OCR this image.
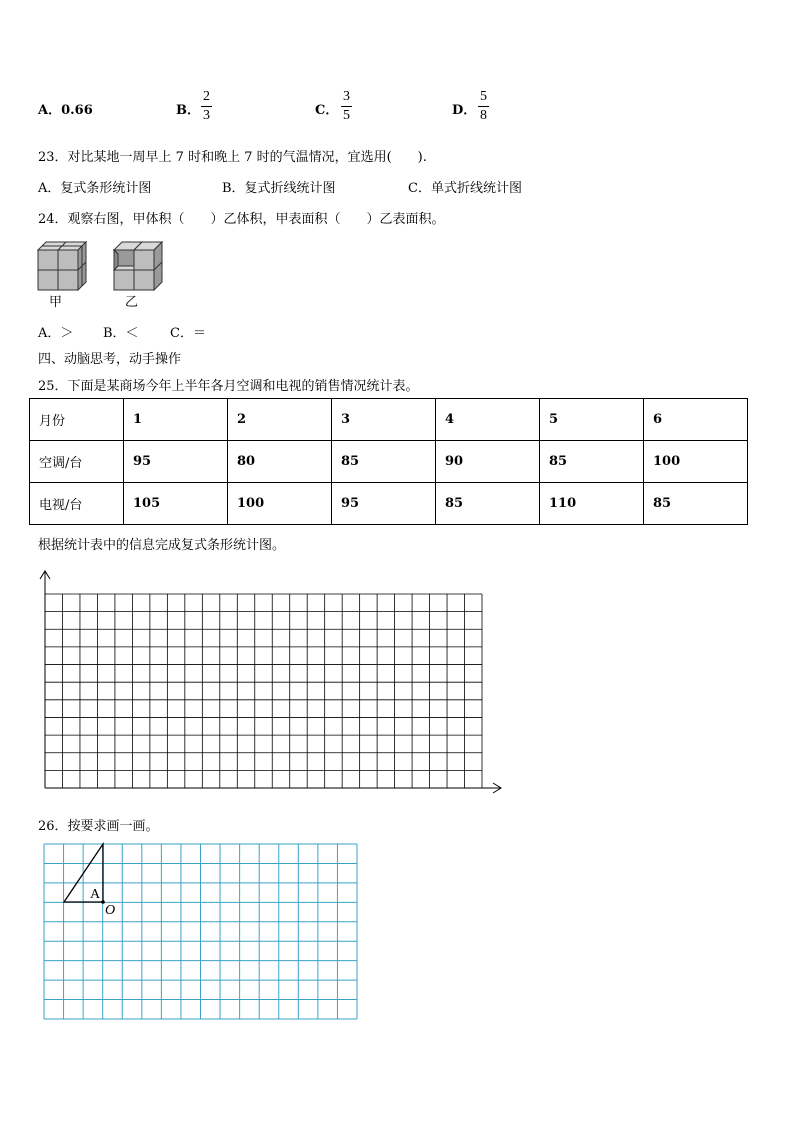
A．0.66	B．
2
3	C．
3
5	D．
5
8
23．对比某地一周早上 7 时和晚上 7 时的气温情况，宜选用(　　).
A．复式条形统计图	B．复式折线统计图	C．单式折线统计图
24．观察右图，甲体积（　　）乙体积，甲表面积（　　）乙表面积。
甲	乙
A．＞ B．＜ C．＝
四、动脑思考，动手操作
25．下面是某商场今年上半年各月空调和电视的销售情况统计表。
月份	1	2	3	4	5	6
空调/台	95	80	85	90	85	100
电视/台	105	100	95	85	110	85
根据统计表中的信息完成复式条形统计图。
26．按要求画一画。
A
O
